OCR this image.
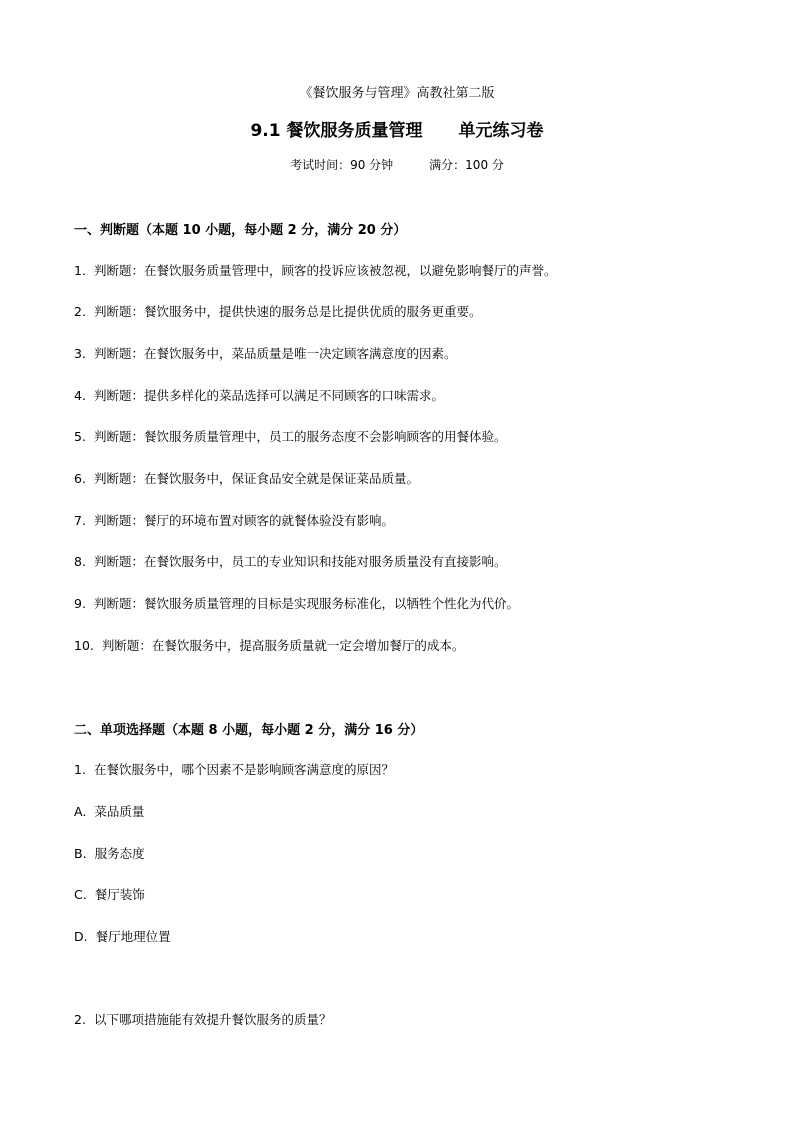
《餐饮服务与管理》高教社第二版
9.1 餐饮服务质量管理 单元练习卷
考试时间：90 分钟	满分：100 分
一、判断题（本题 10 小题，每小题 2 分，满分 20 分）
1. 判断题：在餐饮服务质量管理中，顾客的投诉应该被忽视，以避免影响餐厅的声誉。
2. 判断题：餐饮服务中，提供快速的服务总是比提供优质的服务更重要。
3. 判断题：在餐饮服务中，菜品质量是唯一决定顾客满意度的因素。
4. 判断题：提供多样化的菜品选择可以满足不同顾客的口味需求。
5. 判断题：餐饮服务质量管理中，员工的服务态度不会影响顾客的用餐体验。
6. 判断题：在餐饮服务中，保证食品安全就是保证菜品质量。
7. 判断题：餐厅的环境布置对顾客的就餐体验没有影响。
8. 判断题：在餐饮服务中，员工的专业知识和技能对服务质量没有直接影响。
9. 判断题：餐饮服务质量管理的目标是实现服务标准化，以牺牲个性化为代价。
10. 判断题：在餐饮服务中，提高服务质量就一定会增加餐厅的成本。
二、单项选择题（本题 8 小题，每小题 2 分，满分 16 分）
1. 在餐饮服务中，哪个因素不是影响顾客满意度的原因？
A. 菜品质量
B. 服务态度
C. 餐厅装饰
D. 餐厅地理位置
2. 以下哪项措施能有效提升餐饮服务的质量？
